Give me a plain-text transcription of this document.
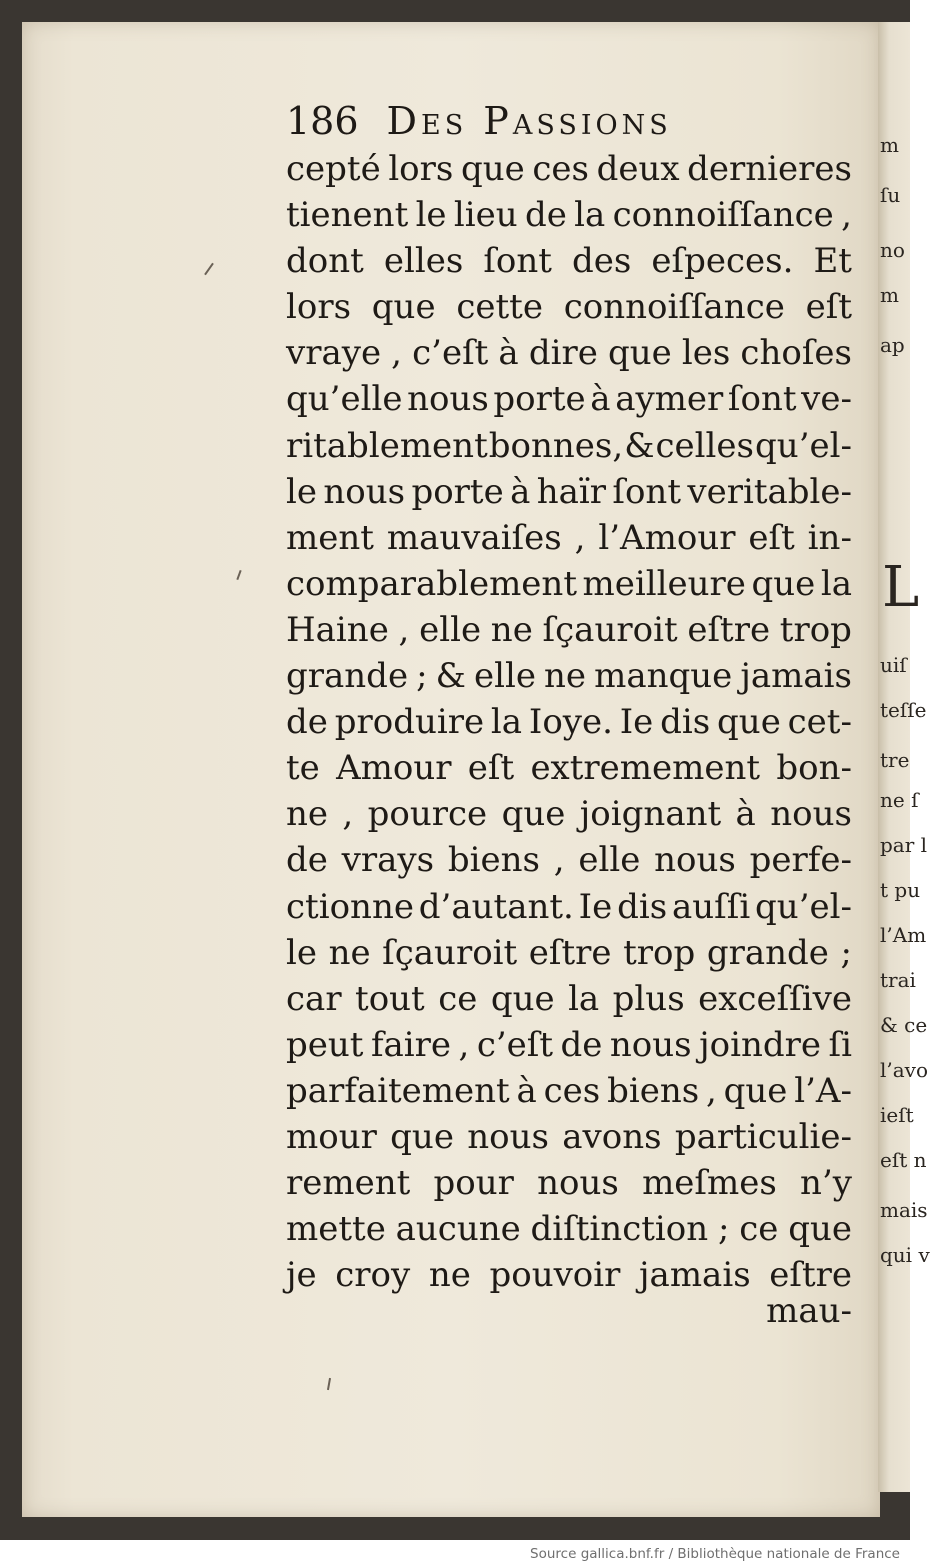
m
ſu
no
m
ap
L
uiſ
teſſe
tre
ne ſ
par l
t pu
l’Am
trai
& ce
l’avo
ieſt
eſt n
mais
qui v
186 Des Passions
cepté lors que ces deux dernieres
tienent le lieu de la connoiſſance ,
dont elles ſont des eſpeces. Et
lors que cette connoiſſance eſt
vraye , c’eſt à dire que les choſes
qu’elle nous porte à aymer ſont ve-
ritablement bonnes, & celles qu’el-
le nous porte à haïr ſont veritable-
ment mauvaiſes , l’Amour eſt in-
comparablement meilleure que la
Haine , elle ne ſçauroit eſtre trop
grande ; & elle ne manque jamais
de produire la Ioye. Ie dis que cet-
te Amour eſt extremement bon-
ne , pource que joignant à nous
de vrays biens , elle nous perfe-
ctionne d’autant. Ie dis auſſi qu’el-
le ne ſçauroit eſtre trop grande ;
car tout ce que la plus exceſſive
peut faire , c’eſt de nous joindre ſi
parfaitement à ces biens , que l’A-
mour que nous avons particulie-
rement pour nous meſmes n’y
mette aucune diſtinction ; ce que
je croy ne pouvoir jamais eſtre
mau-
Source gallica.bnf.fr / Bibliothèque nationale de France
